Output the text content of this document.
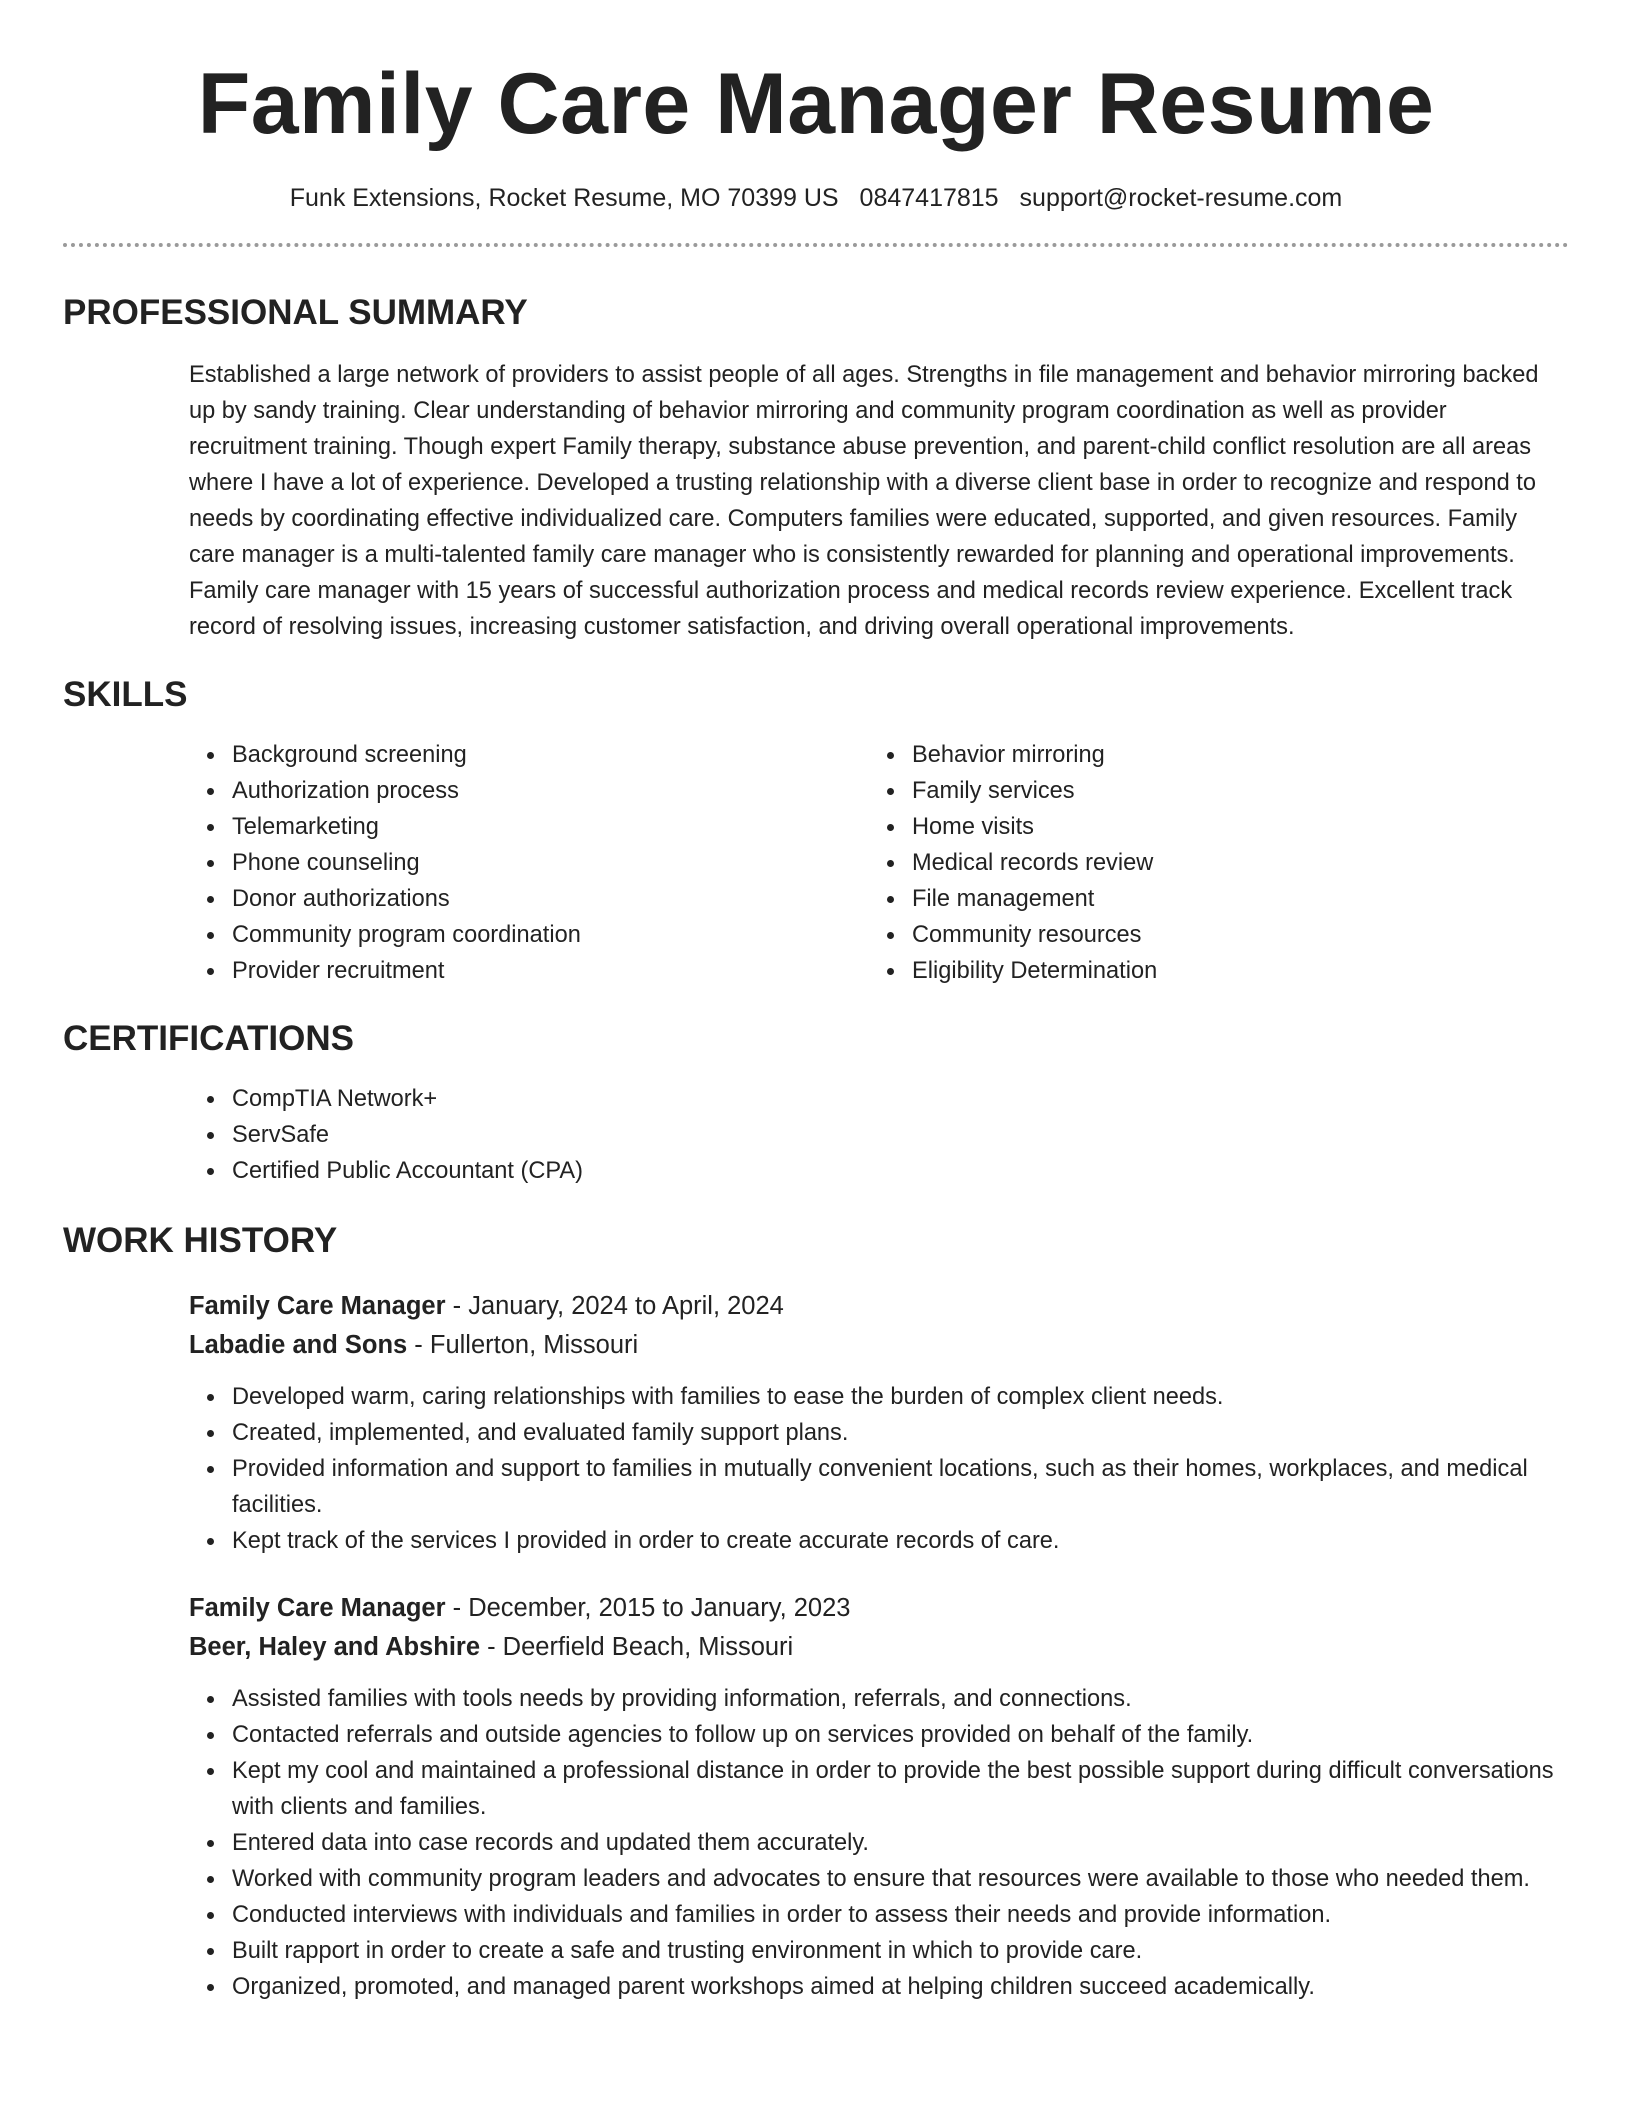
Family Care Manager Resume
Funk Extensions, Rocket Resume, MO 70399 US 0847417815 support@rocket-resume.com
PROFESSIONAL SUMMARY

Established a large network of providers to assist people of all ages. Strengths in file management and behavior mirroring backed up by sandy training. Clear understanding of behavior mirroring and community program coordination as well as provider recruitment training. Though expert Family therapy, substance abuse prevention, and parent-child conflict resolution are all areas where I have a lot of experience. Developed a trusting relationship with a diverse client base in order to recognize and respond to needs by coordinating effective individualized care. Computers families were educated, supported, and given resources. Family care manager is a multi-talented family care manager who is consistently rewarded for planning and operational improvements. Family care manager with 15 years of successful authorization process and medical records review experience. Excellent track record of resolving issues, increasing customer satisfaction, and driving overall operational improvements.

SKILLS
Background screening
Authorization process
Telemarketing
Phone counseling
Donor authorizations
Community program coordination
Provider recruitment
Behavior mirroring
Family services
Home visits
Medical records review
File management
Community resources
Eligibility Determination
CERTIFICATIONS
CompTIA Network+
ServSafe
Certified Public Accountant (CPA)
WORK HISTORY
Family Care Manager - January, 2024 to April, 2024
Labadie and Sons - Fullerton, Missouri
Developed warm, caring relationships with families to ease the burden of complex client needs.
Created, implemented, and evaluated family support plans.
Provided information and support to families in mutually convenient locations, such as their homes, workplaces, and medical facilities.
Kept track of the services I provided in order to create accurate records of care.
Family Care Manager - December, 2015 to January, 2023
Beer, Haley and Abshire - Deerfield Beach, Missouri
Assisted families with tools needs by providing information, referrals, and connections.
Contacted referrals and outside agencies to follow up on services provided on behalf of the family.
Kept my cool and maintained a professional distance in order to provide the best possible support during difficult conversations with clients and families.
Entered data into case records and updated them accurately.
Worked with community program leaders and advocates to ensure that resources were available to those who needed them.
Conducted interviews with individuals and families in order to assess their needs and provide information.
Built rapport in order to create a safe and trusting environment in which to provide care.
Organized, promoted, and managed parent workshops aimed at helping children succeed academically.
